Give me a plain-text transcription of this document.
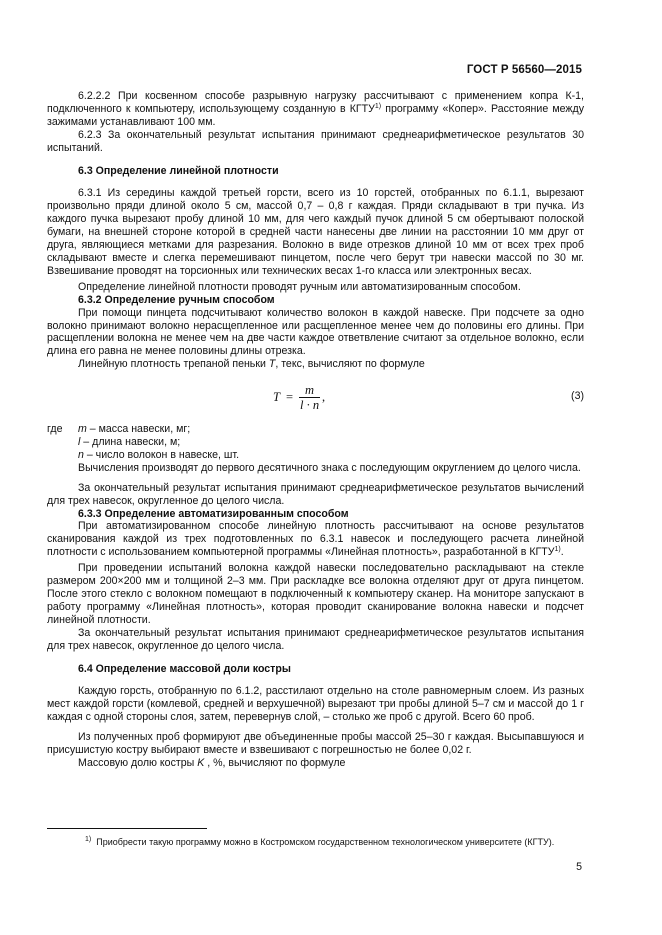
ГОСТ Р 56560—2015

6.2.2.2 При косвенном способе разрывную нагрузку рассчитывают с применением копра К-1, подключенного к компьютеру, использующему созданную в КГТУ$^{1)}$ программу «Копер». Расстояние между зажимами устанавливают 100 мм.

6.2.3 За окончательный результат испытания принимают среднеарифметическое результатов 30 испытаний.

6.3 Определение линейной плотности

6.3.1 Из середины каждой третьей горсти, всего из 10 горстей, отобранных по 6.1.1, вырезают произвольно пряди длиной около 5 см, массой 0,7 – 0,8 г каждая. Пряди складывают в три пучка. Из каждого пучка вырезают пробу длиной 10 мм, для чего каждый пучок длиной 5 см обертывают полоской бумаги, на внешней стороне которой в средней части нанесены две линии на расстоянии 10 мм друг от друга, являющиеся метками для разрезания. Волокно в виде отрезков длиной 10 мм от всех трех проб складывают вместе и слегка перемешивают пинцетом, после чего берут три навески массой по 30 мг. Взвешивание проводят на торсионных или технических весах 1-го класса или электронных весах.

Определение линейной плотности проводят ручным или автоматизированным способом.

6.3.2 Определение ручным способом

При помощи пинцета подсчитывают количество волокон в каждой навеске. При подсчете за одно волокно принимают волокно нерасщепленное или расщепленное менее чем до половины его длины. При расщеплении волокна не менее чем на две части каждое ответвление считают за отдельное волокно, если длина его равна не менее половины длины отрезка.

Линейную плотность трепаной пеньки T, текс, вычисляют по формуле

$T = \frac{m}{l \cdot n}$ ,	(3)
где	m – масса навески, мг;
l – длина навески, м;
n – число волокон в навеске, шт.

Вычисления производят до первого десятичного знака с последующим округлением до целого числа.

За окончательный результат испытания принимают среднеарифметическое результатов вычислений для трех навесок, округленное до целого числа.

6.3.3 Определение автоматизированным способом

При автоматизированном способе линейную плотность рассчитывают на основе результатов сканирования каждой из трех подготовленных по 6.3.1 навесок и последующего расчета линейной плотности с использованием компьютерной программы «Линейная плотность», разработанной в КГТУ$^{1)}$.

При проведении испытаний волокна каждой навески последовательно раскладывают на стекле размером 200×200 мм и толщиной 2–3 мм. При раскладке все волокна отделяют друг от друга пинцетом. После этого стекло с волокном помещают в подключенный к компьютеру сканер. На мониторе запускают в работу программу «Линейная плотность», которая проводит сканирование волокна навески и подсчет линейной плотности.

За окончательный результат испытания принимают среднеарифметическое результатов испытания для трех навесок, округленное до целого числа.

6.4 Определение массовой доли костры

Каждую горсть, отобранную по 6.1.2, расстилают отдельно на столе равномерным слоем. Из разных мест каждой горсти (комлевой, средней и верхушечной) вырезают три пробы длиной 5–7 см и массой до 1 г каждая с одной стороны слоя, затем, перевернув слой, – столько же проб с другой. Всего 60 проб.

Из полученных проб формируют две объединенные пробы массой 25–30 г каждая. Высыпавшуюся и присушистую костру выбирают вместе и взвешивают с погрешностью не более 0,02 г.

Массовую долю костры K , %, вычисляют по формуле

$^{1)}$ Приобрести такую программу можно в Костромском государственном технологическом университете (КГТУ).
5
